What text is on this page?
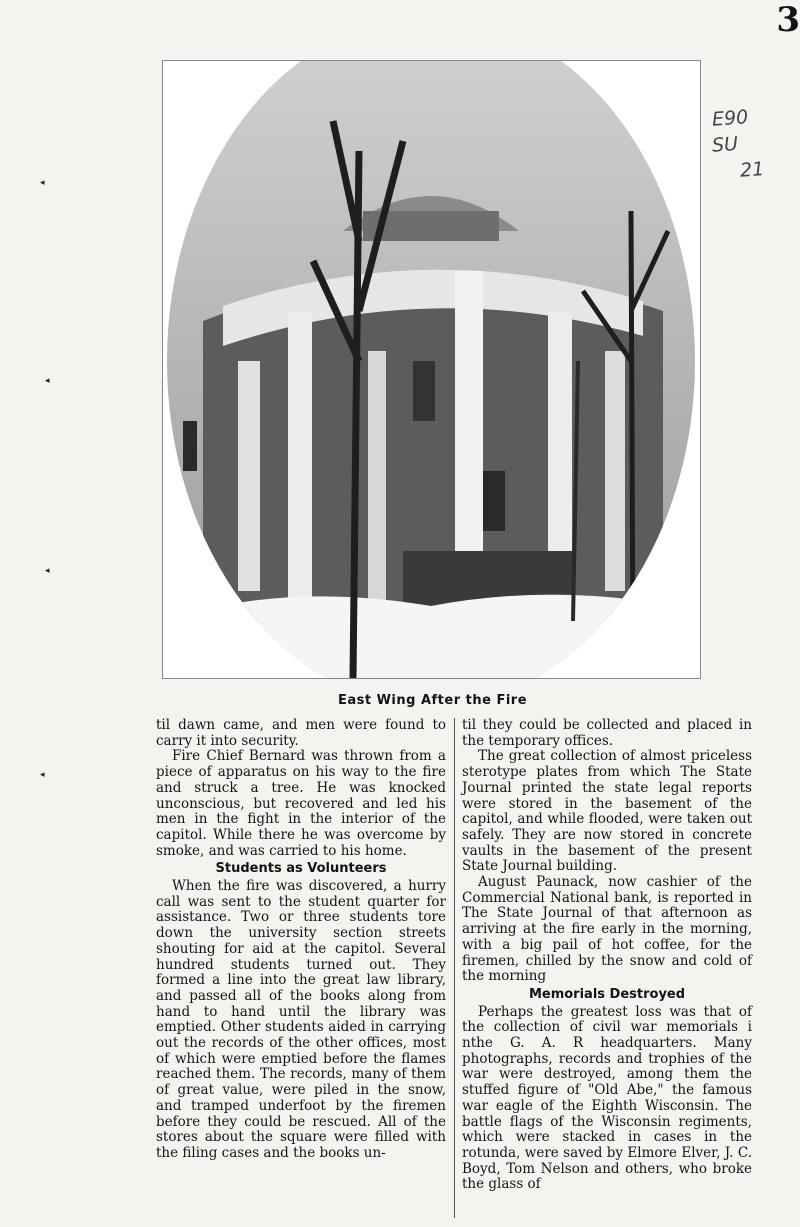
3
◂
◂
◂
◂
E90
SU
21
East Wing After the Fire

til dawn came, and men were found to carry it into security.

Fire Chief Bernard was thrown from a piece of apparatus on his way to the fire and struck a tree. He was knocked unconscious, but recovered and led his men in the fight in the interior of the capitol. While there he was overcome by smoke, and was carried to his home.

Students as Volunteers

When the fire was discovered, a hurry call was sent to the student quarter for assistance. Two or three students tore down the university section streets shouting for aid at the capitol. Several hundred students turned out. They formed a line into the great law library, and passed all of the books along from hand to hand until the library was emptied. Other students aided in carrying out the records of the other offices, most of which were emptied before the flames reached them. The records, many of them of great value, were piled in the snow, and tramped underfoot by the firemen before they could be rescued. All of the stores about the square were filled with the filing cases and the books un-

til they could be collected and placed in the temporary offices.

The great collection of almost priceless sterotype plates from which The State Journal printed the state legal reports were stored in the basement of the capitol, and while flooded, were taken out safely. They are now stored in concrete vaults in the basement of the present State Journal building.

August Paunack, now cashier of the Commercial National bank, is reported in The State Journal of that afternoon as arriving at the fire early in the morning, with a big pail of hot coffee, for the firemen, chilled by the snow and cold of the morning

Memorials Destroyed

Perhaps the greatest loss was that of the collection of civil war memorials i nthe G. A. R headquarters. Many photographs, records and trophies of the war were destroyed, among them the stuffed figure of "Old Abe," the famous war eagle of the Eighth Wisconsin. The battle flags of the Wisconsin regiments, which were stacked in cases in the rotunda, were saved by Elmore Elver, J. C. Boyd, Tom Nelson and others, who broke the glass of
